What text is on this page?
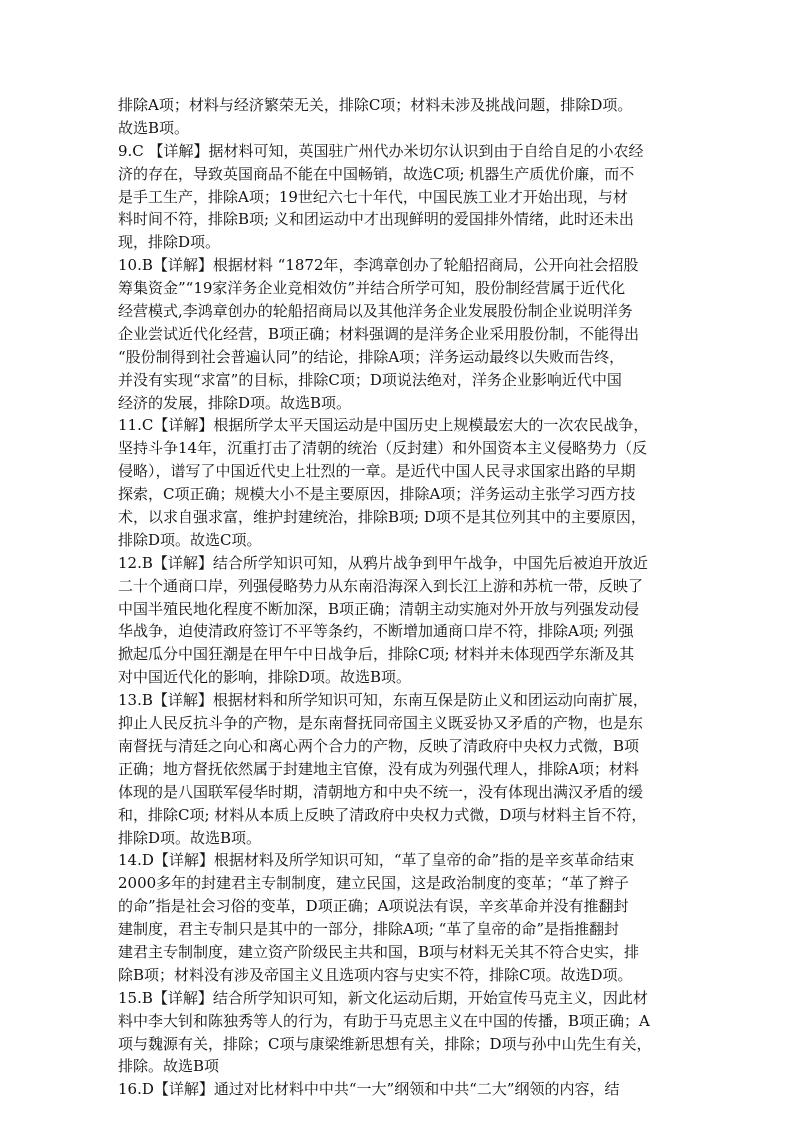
排除A项；材料与经济繁荣无关，排除C项；材料未涉及挑战问题，排除D项。
故选B项。
9.C 【详解】据材料可知，英国驻广州代办米切尔认识到由于自给自足的小农经
济的存在，导致英国商品不能在中国畅销，故选C项; 机器生产质优价廉，而不
是手工生产，排除A项；19世纪六七十年代，中国民族工业才开始出现，与材
料时间不符，排除B项; 义和团运动中才出现鲜明的爱国排外情绪，此时还未出
现，排除D项。
10.B【详解】根据材料 “1872年，李鸿章创办了轮船招商局，公开向社会招股
筹集资金”“19家洋务企业竞相效仿”并结合所学可知，股份制经营属于近代化
经营模式,李鸿章创办的轮船招商局以及其他洋务企业发展股份制企业说明洋务
企业尝试近代化经营，B项正确；材料强调的是洋务企业采用股份制，不能得出
“股份制得到社会普遍认同”的结论，排除A项；洋务运动最终以失败而告终，
并没有实现“求富”的目标，排除C项；D项说法绝对，洋务企业影响近代中国
经济的发展，排除D项。故选B项。
11.C【详解】根据所学太平天国运动是中国历史上规模最宏大的一次农民战争，
坚持斗争14年，沉重打击了清朝的统治（反封建）和外国资本主义侵略势力（反
侵略），谱写了中国近代史上壮烈的一章。是近代中国人民寻求国家出路的早期
探索，C项正确；规模大小不是主要原因，排除A项；洋务运动主张学习西方技
术，以求自强求富，维护封建统治，排除B项; D项不是其位列其中的主要原因，
排除D项。故选C项。
12.B【详解】结合所学知识可知，从鸦片战争到甲午战争，中国先后被迫开放近
二十个通商口岸，列强侵略势力从东南沿海深入到长江上游和苏杭一带，反映了
中国半殖民地化程度不断加深，B项正确；清朝主动实施对外开放与列强发动侵
华战争，迫使清政府签订不平等条约，不断增加通商口岸不符，排除A项; 列强
掀起瓜分中国狂潮是在甲午中日战争后，排除C项; 材料并未体现西学东渐及其
对中国近代化的影响，排除D项。故选B项。
13.B【详解】根据材料和所学知识可知，东南互保是防止义和团运动向南扩展，
抑止人民反抗斗争的产物，是东南督抚同帝国主义既妥协又矛盾的产物，也是东
南督抚与清廷之向心和离心两个合力的产物，反映了清政府中央权力式微，B项
正确；地方督抚依然属于封建地主官僚，没有成为列强代理人，排除A项；材料
体现的是八国联军侵华时期，清朝地方和中央不统一，没有体现出满汉矛盾的缓
和，排除C项; 材料从本质上反映了清政府中央权力式微，D项与材料主旨不符，
排除D项。故选B项。
14.D【详解】根据材料及所学知识可知，“革了皇帝的命”指的是辛亥革命结束
2000多年的封建君主专制制度，建立民国，这是政治制度的变革；“革了辫子
的命”指是社会习俗的变革，D项正确；A项说法有误，辛亥革命并没有推翻封
建制度，君主专制只是其中的一部分，排除A项; “革了皇帝的命”是指推翻封
建君主专制制度，建立资产阶级民主共和国，B项与材料无关其不符合史实，排
除B项；材料没有涉及帝国主义且选项内容与史实不符，排除C项。故选D项。
15.B【详解】结合所学知识可知，新文化运动后期，开始宣传马克主义，因此材
料中李大钊和陈独秀等人的行为，有助于马克思主义在中国的传播，B项正确；A
项与魏源有关，排除；C项与康梁维新思想有关，排除；D项与孙中山先生有关，
排除。故选B项
16.D【详解】通过对比材料中中共“一大”纲领和中共“二大”纲领的内容，结
